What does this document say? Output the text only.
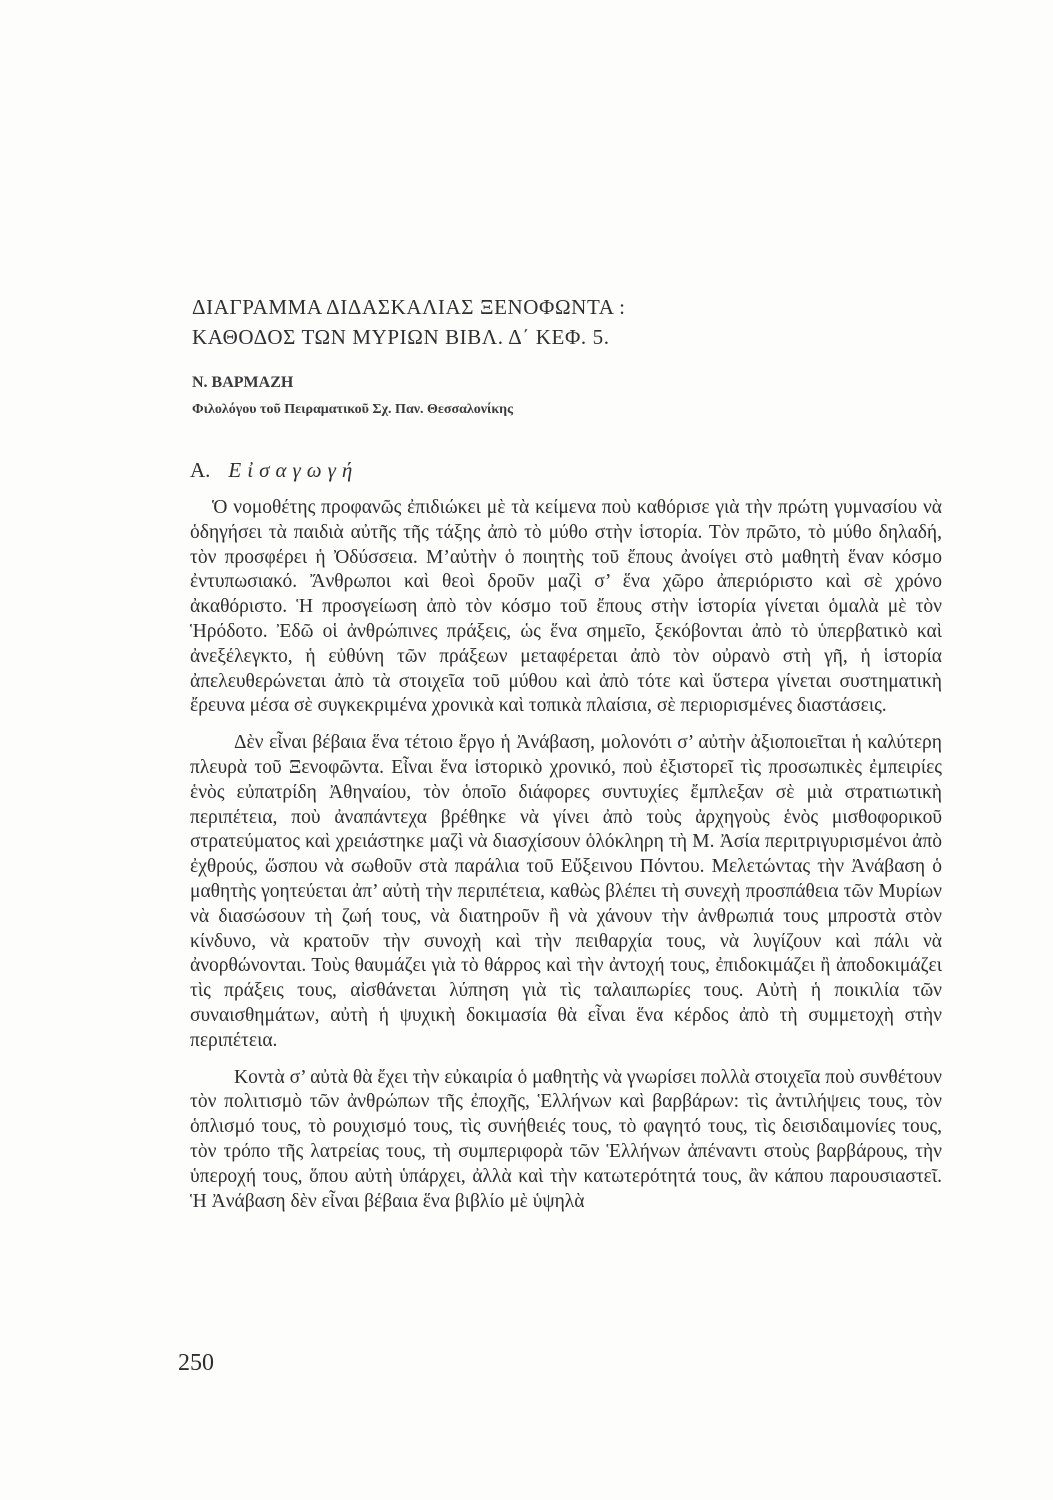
ΔΙΑΓΡΑΜΜΑ ΔΙΔΑΣΚΑΛΙΑΣ ΞΕΝΟΦΩΝΤΑ :
ΚΑΘΟΔΟΣ ΤΩΝ ΜΥΡΙΩΝ ΒΙΒΛ. Δ΄ ΚΕΦ. 5.
Ν. ΒΑΡΜΑΖΗ
Φιλολόγου τοῦ Πειραματικοῦ Σχ. Παν. Θεσσαλονίκης
Α. Εἰσαγωγή

Ὁ νομοθέτης προφανῶς ἐπιδιώκει μὲ τὰ κείμενα ποὺ καθόρισε γιὰ τὴν πρώτη γυμνασίου νὰ ὁδηγήσει τὰ παιδιὰ αὐτῆς τῆς τάξης ἀπὸ τὸ μύθο στὴν ἱστορία. Τὸν πρῶτο, τὸ μύθο δηλαδή, τὸν προσφέρει ἡ Ὀδύσσεια. Μ’αὐτὴν ὁ ποιητὴς τοῦ ἔπους ἀνοίγει στὸ μαθητὴ ἕναν κόσμο ἐντυπωσιακό. Ἄνθρωποι καὶ θεοὶ δροῦν μαζὶ σ’ ἕνα χῶρο ἀπεριόριστο καὶ σὲ χρόνο ἀκαθόριστο. Ἡ προσγείωση ἀπὸ τὸν κόσμο τοῦ ἔπους στὴν ἱστορία γίνεται ὁμαλὰ μὲ τὸν Ἡρόδοτο. Ἐδῶ οἱ ἀνθρώπινες πράξεις, ὡς ἕνα σημεῖο, ξεκόβονται ἀπὸ τὸ ὑπερβατικὸ καὶ ἀνεξέλεγκτο, ἡ εὐθύνη τῶν πράξεων μεταφέρεται ἀπὸ τὸν οὐρανὸ στὴ γῆ, ἡ ἱστορία ἀπελευθερώνεται ἀπὸ τὰ στοιχεῖα τοῦ μύθου καὶ ἀπὸ τότε καὶ ὕστερα γίνεται συστηματικὴ ἔρευνα μέσα σὲ συγκεκριμένα χρονικὰ καὶ τοπικὰ πλαίσια, σὲ περιορισμένες διαστάσεις.

Δὲν εἶναι βέβαια ἕνα τέτοιο ἔργο ἡ Ἀνάβαση, μολονότι σ’ αὐτὴν ἀξιοποιεῖται ἡ καλύτερη πλευρὰ τοῦ Ξενοφῶντα. Εἶναι ἕνα ἱστορικὸ χρονικό, ποὺ ἐξιστορεῖ τὶς προσωπικὲς ἐμπειρίες ἑνὸς εὐπατρίδη Ἀθηναίου, τὸν ὁποῖο διάφορες συντυχίες ἔμπλεξαν σὲ μιὰ στρατιωτικὴ περιπέτεια, ποὺ ἀναπάντεχα βρέθηκε νὰ γίνει ἀπὸ τοὺς ἀρχηγοὺς ἑνὸς μισθοφορικοῦ στρατεύματος καὶ χρειάστηκε μαζὶ νὰ διασχίσουν ὁλόκληρη τὴ Μ. Ἀσία περιτριγυρισμένοι ἀπὸ ἐχθρούς, ὥσπου νὰ σωθοῦν στὰ παράλια τοῦ Εὔξεινου Πόντου. Μελετώντας τὴν Ἀνάβαση ὁ μαθητὴς γοητεύεται ἀπ’ αὐτὴ τὴν περιπέτεια, καθὼς βλέπει τὴ συνεχὴ προσπάθεια τῶν Μυρίων νὰ διασώσουν τὴ ζωή τους, νὰ διατηροῦν ἢ νὰ χάνουν τὴν ἀνθρωπιά τους μπροστὰ στὸν κίνδυνο, νὰ κρατοῦν τὴν συνοχὴ καὶ τὴν πειθαρχία τους, νὰ λυγίζουν καὶ πάλι νὰ ἀνορθώνονται. Τοὺς θαυμάζει γιὰ τὸ θάρρος καὶ τὴν ἀντοχή τους, ἐπιδοκιμάζει ἢ ἀποδοκιμάζει τὶς πράξεις τους, αἰσθάνεται λύπηση γιὰ τὶς ταλαιπωρίες τους. Αὐτὴ ἡ ποικιλία τῶν συναισθημάτων, αὐτὴ ἡ ψυχικὴ δοκιμασία θὰ εἶναι ἕνα κέρδος ἀπὸ τὴ συμμετοχὴ στὴν περιπέτεια.

Κοντὰ σ’ αὐτὰ θὰ ἔχει τὴν εὐκαιρία ὁ μαθητὴς νὰ γνωρίσει πολλὰ στοιχεῖα ποὺ συνθέτουν τὸν πολιτισμὸ τῶν ἀνθρώπων τῆς ἐποχῆς, Ἑλλήνων καὶ βαρβάρων: τὶς ἀντιλήψεις τους, τὸν ὁπλισμό τους, τὸ ρουχισμό τους, τὶς συνήθειές τους, τὸ φαγητό τους, τὶς δεισιδαιμονίες τους, τὸν τρόπο τῆς λατρείας τους, τὴ συμπεριφορὰ τῶν Ἑλλήνων ἀπέναντι στοὺς βαρβάρους, τὴν ὑπεροχή τους, ὅπου αὐτὴ ὑπάρχει, ἀλλὰ καὶ τὴν κατωτερότητά τους, ἂν κάπου παρουσιαστεῖ. Ἡ Ἀνάβαση δὲν εἶναι βέβαια ἕνα βιβλίο μὲ ὑψηλὰ

250
